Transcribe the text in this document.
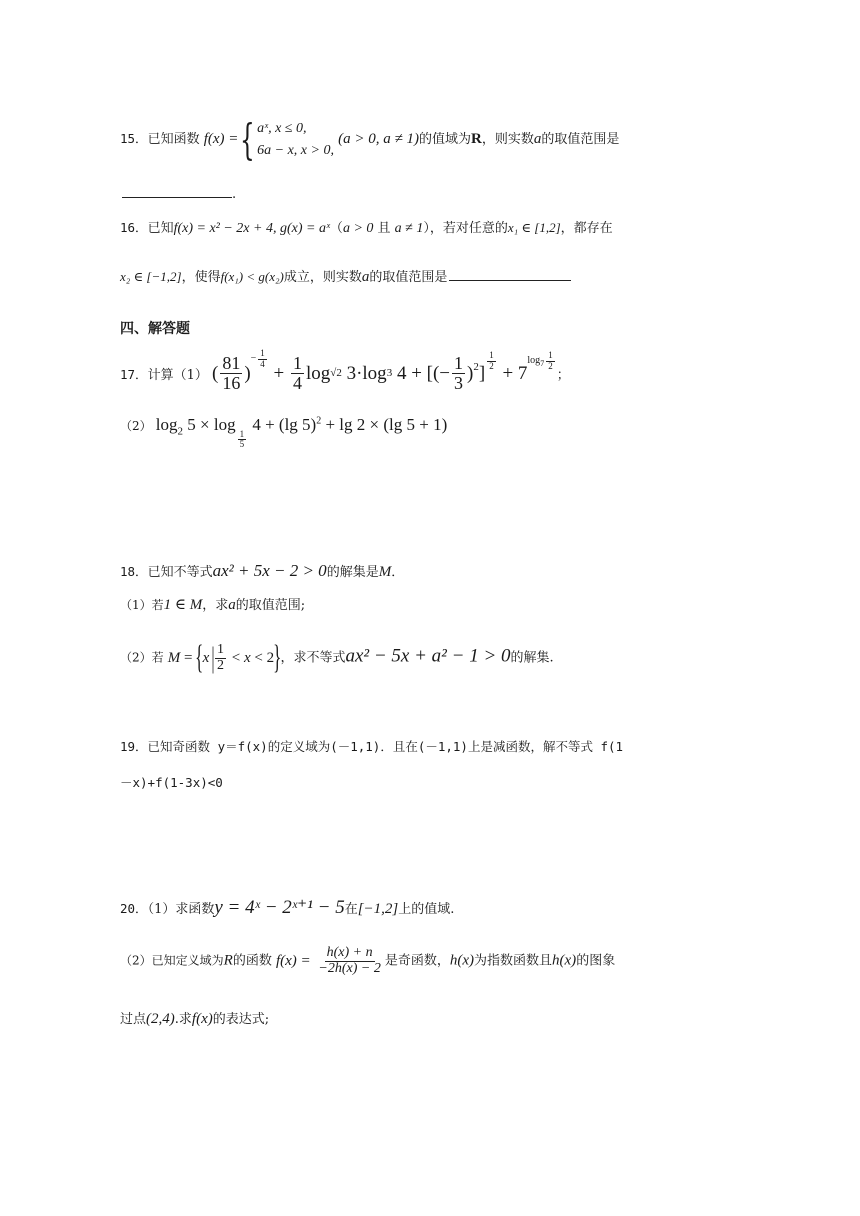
15．已知函数 f(x) ={ aˣ, x ≤ 0,
6a − x, x > 0,
(a > 0, a ≠ 1)的值域为R，则实数a的取值范围是
.
16．已知f(x) = x² − 2x + 4, g(x) = aˣ（a > 0 且 a ≠ 1），若对任意的x₁ ∈ [1,2]，都存在
x₂ ∈ [−1,2]，使得f(x₁) < g(x₂)成立，则实数a的取值范围是
四、解答题
17．计算（1） ( $\frac{81}{16}$ )
− $\frac{1}{4}$
+ $\frac{1}{4}$ log √2 3·log 3 4 + [(− $\frac{1}{3} )^2$ ]
$\frac{1}{2}$
+ 7
$\log_7 \frac{1}{2}$
；
（2） $\log_2 5 \times \log$
$_{\frac{1}{5}}$
4 + (lg 5)$^2$ + lg 2 × (lg 5 + 1)
18．已知不等式ax² + 5x − 2 > 0的解集是M．
（1）若1 ∈ M，求a的取值范围;
（2）若 M = { x
| $\frac{1}{2} < x < 2$ } ，求不等式ax² − 5x + a² − 1 > 0的解集.
19．已知奇函数 y＝f(x)的定义域为(－1,1)．且在(－1,1)上是减函数，解不等式 f(1
－x)+f(1-3x)<0
20．（1）求函数y = 4ˣ − 2ˣ⁺¹ − 5在[−1,2]上的值域.
（2）已知定义域为R的函数 $f(x) = \frac{h(x) + n}{-2h(x) - 2}$ 是奇函数，h(x)为指数函数且h(x)的图象
过点(2,4).求f(x)的表达式;
